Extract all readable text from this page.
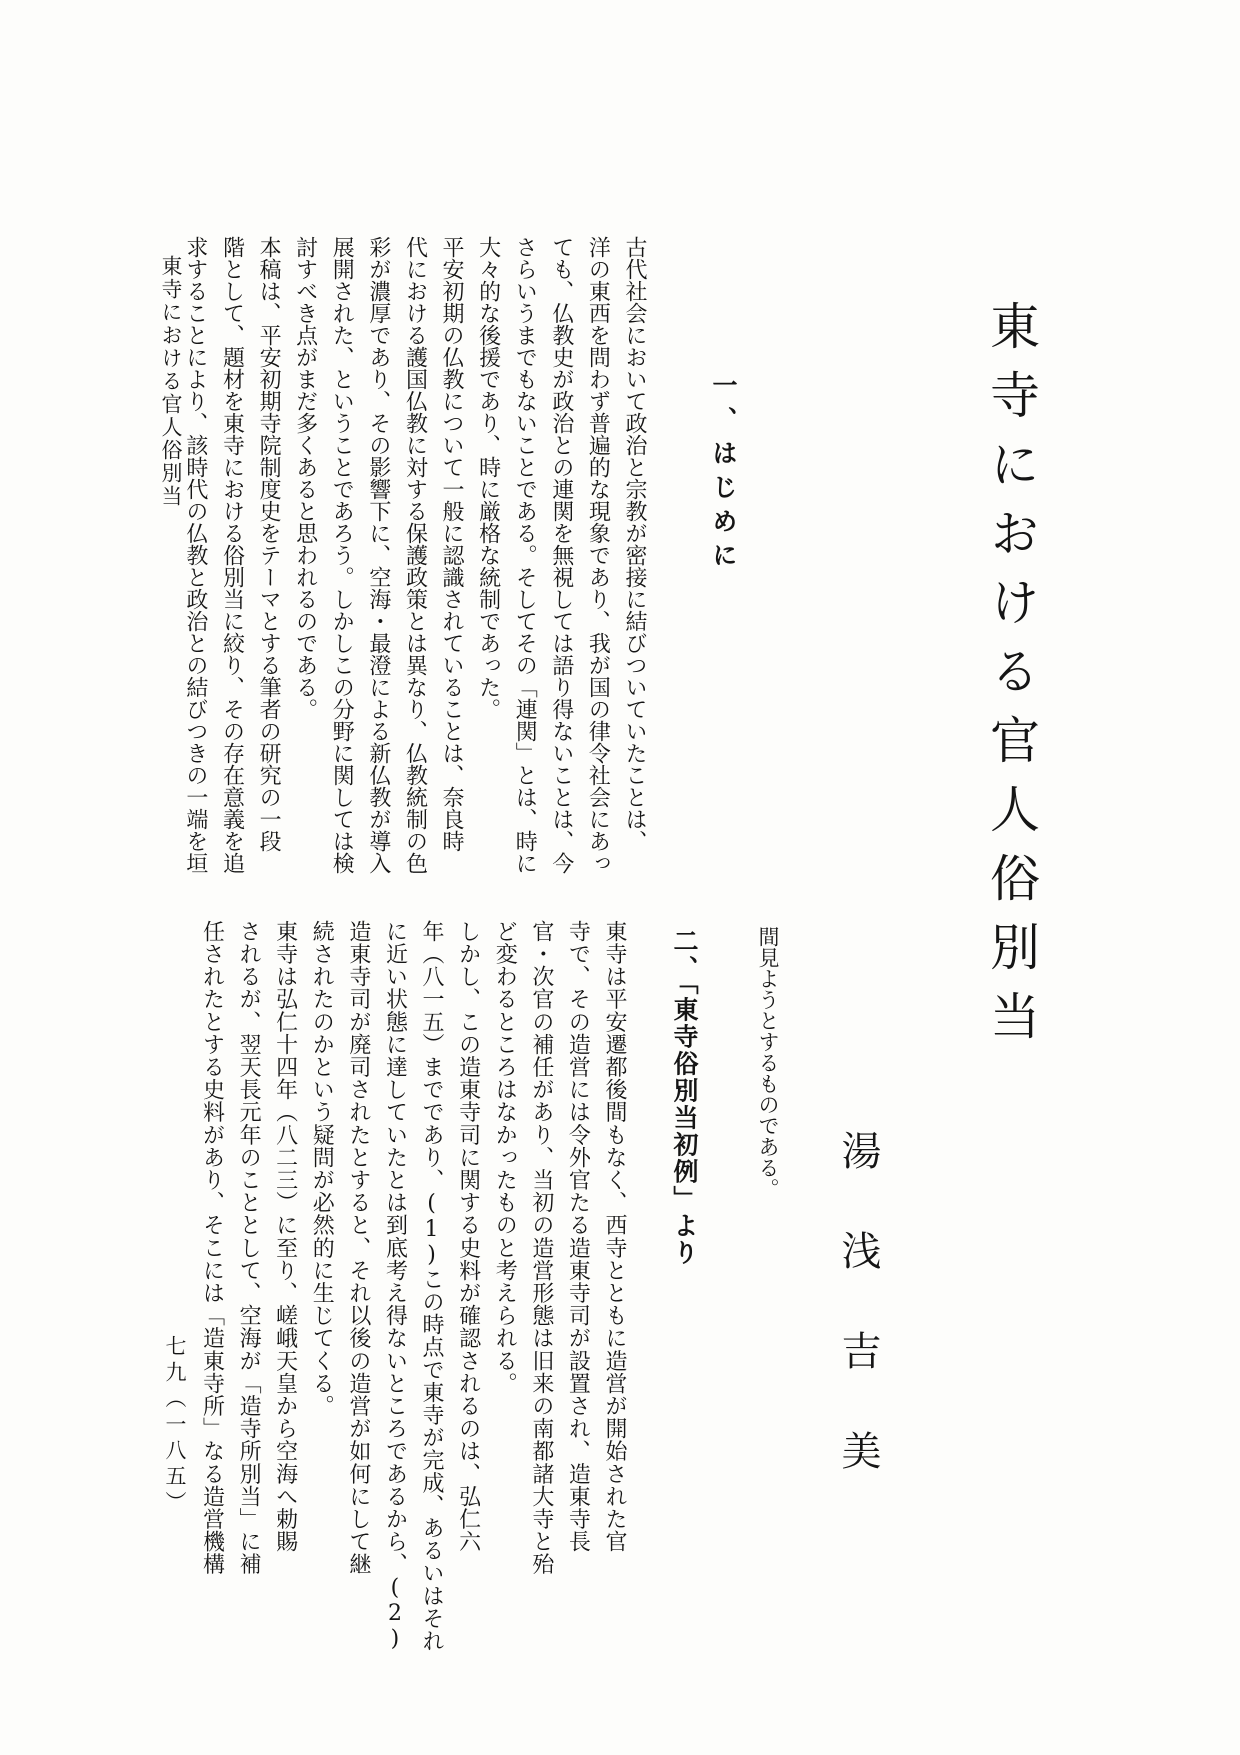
東寺における官人俗別当
湯浅吉美
一、はじめに

古代社会において政治と宗教が密接に結びついていたことは、

洋の東西を問わず普遍的な現象であり、我が国の律令社会にあっ

ても、仏教史が政治との連関を無視しては語り得ないことは、今

さらいうまでもないことである。そしてその「連関」とは、時に

大々的な後援であり、時に厳格な統制であった。

平安初期の仏教について一般に認識されていることは、奈良時

代における護国仏教に対する保護政策とは異なり、仏教統制の色

彩が濃厚であり、その影響下に、空海・最澄による新仏教が導入

展開された、ということであろう。しかしこの分野に関しては検

討すべき点がまだ多くあると思われるのである。

本稿は、平安初期寺院制度史をテーマとする筆者の研究の一段

階として、題材を東寺における俗別当に絞り、その存在意義を追

求することにより、該時代の仏教と政治との結びつきの一端を垣

間見ようとするものである。
二、「東寺俗別当初例」より

東寺は平安遷都後間もなく、西寺とともに造営が開始された官

寺で、その造営には令外官たる造東寺司が設置され、造東寺長

官・次官の補任があり、当初の造営形態は旧来の南都諸大寺と殆

ど変わるところはなかったものと考えられる。

しかし、この造東寺司に関する史料が確認されるのは、弘仁六

年（八一五）までであり、(1)この時点で東寺が完成、あるいはそれ

に近い状態に達していたとは到底考え得ないところであるから、(2)

造東寺司が廃司されたとすると、それ以後の造営が如何にして継

続されたのかという疑問が必然的に生じてくる。

東寺は弘仁十四年（八二三）に至り、嵯峨天皇から空海へ勅賜

されるが、翌天長元年のこととして、空海が「造寺所別当」に補

任されたとする史料があり、そこには「造東寺所」なる造営機構

東寺における官人俗別当
七九（一八五）
